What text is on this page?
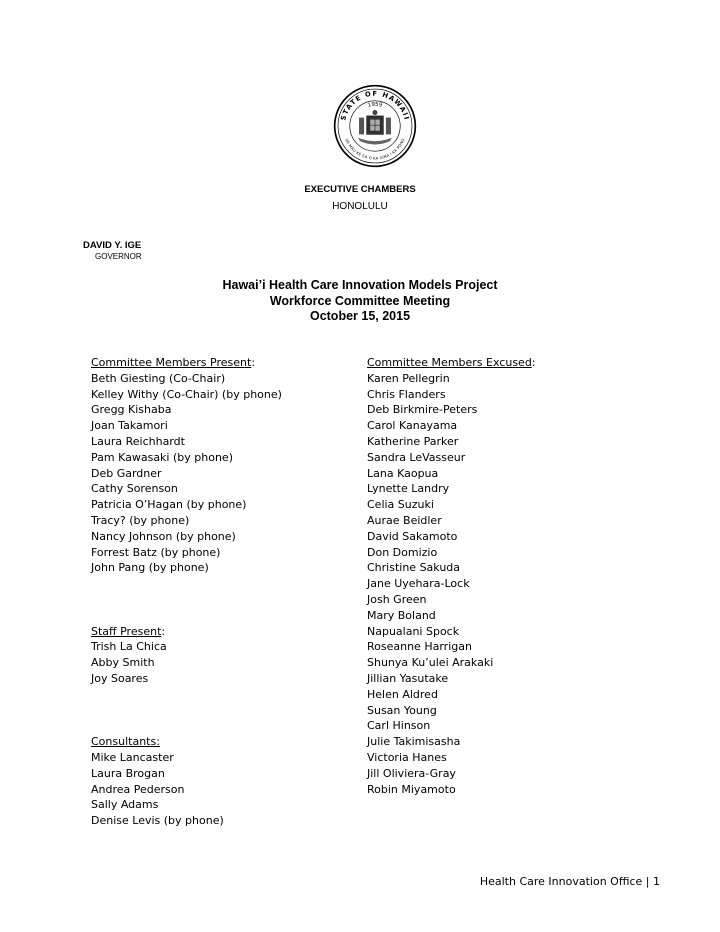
STATE OF HAWAII
1959
UA MAU KE EA O KA AINA I KA PONO
EXECUTIVE CHAMBERS
HONOLULU
DAVID Y. IGE
GOVERNOR
Hawai’i Health Care Innovation Models Project
Workforce Committee Meeting
October 15, 2015
Committee Members Present:
Beth Giesting (Co-Chair)
Kelley Withy (Co-Chair) (by phone)
Gregg Kishaba
Joan Takamori
Laura Reichhardt
Pam Kawasaki (by phone)
Deb Gardner
Cathy Sorenson
Patricia O’Hagan (by phone)
Tracy? (by phone)
Nancy Johnson (by phone)
Forrest Batz (by phone)
John Pang (by phone)
Staff Present:
Trish La Chica
Abby Smith
Joy Soares
Consultants:
Mike Lancaster
Laura Brogan
Andrea Pederson
Sally Adams
Denise Levis (by phone)
Committee Members Excused:
Karen Pellegrin
Chris Flanders
Deb Birkmire-Peters
Carol Kanayama
Katherine Parker
Sandra LeVasseur
Lana Kaopua
Lynette Landry
Celia Suzuki
Aurae Beidler
David Sakamoto
Don Domizio
Christine Sakuda
Jane Uyehara-Lock
Josh Green
Mary Boland
Napualani Spock
Roseanne Harrigan
Shunya Ku’ulei Arakaki
Jillian Yasutake
Helen Aldred
Susan Young
Carl Hinson
Julie Takimisasha
Victoria Hanes
Jill Oliviera-Gray
Robin Miyamoto
Health Care Innovation Office | 1
